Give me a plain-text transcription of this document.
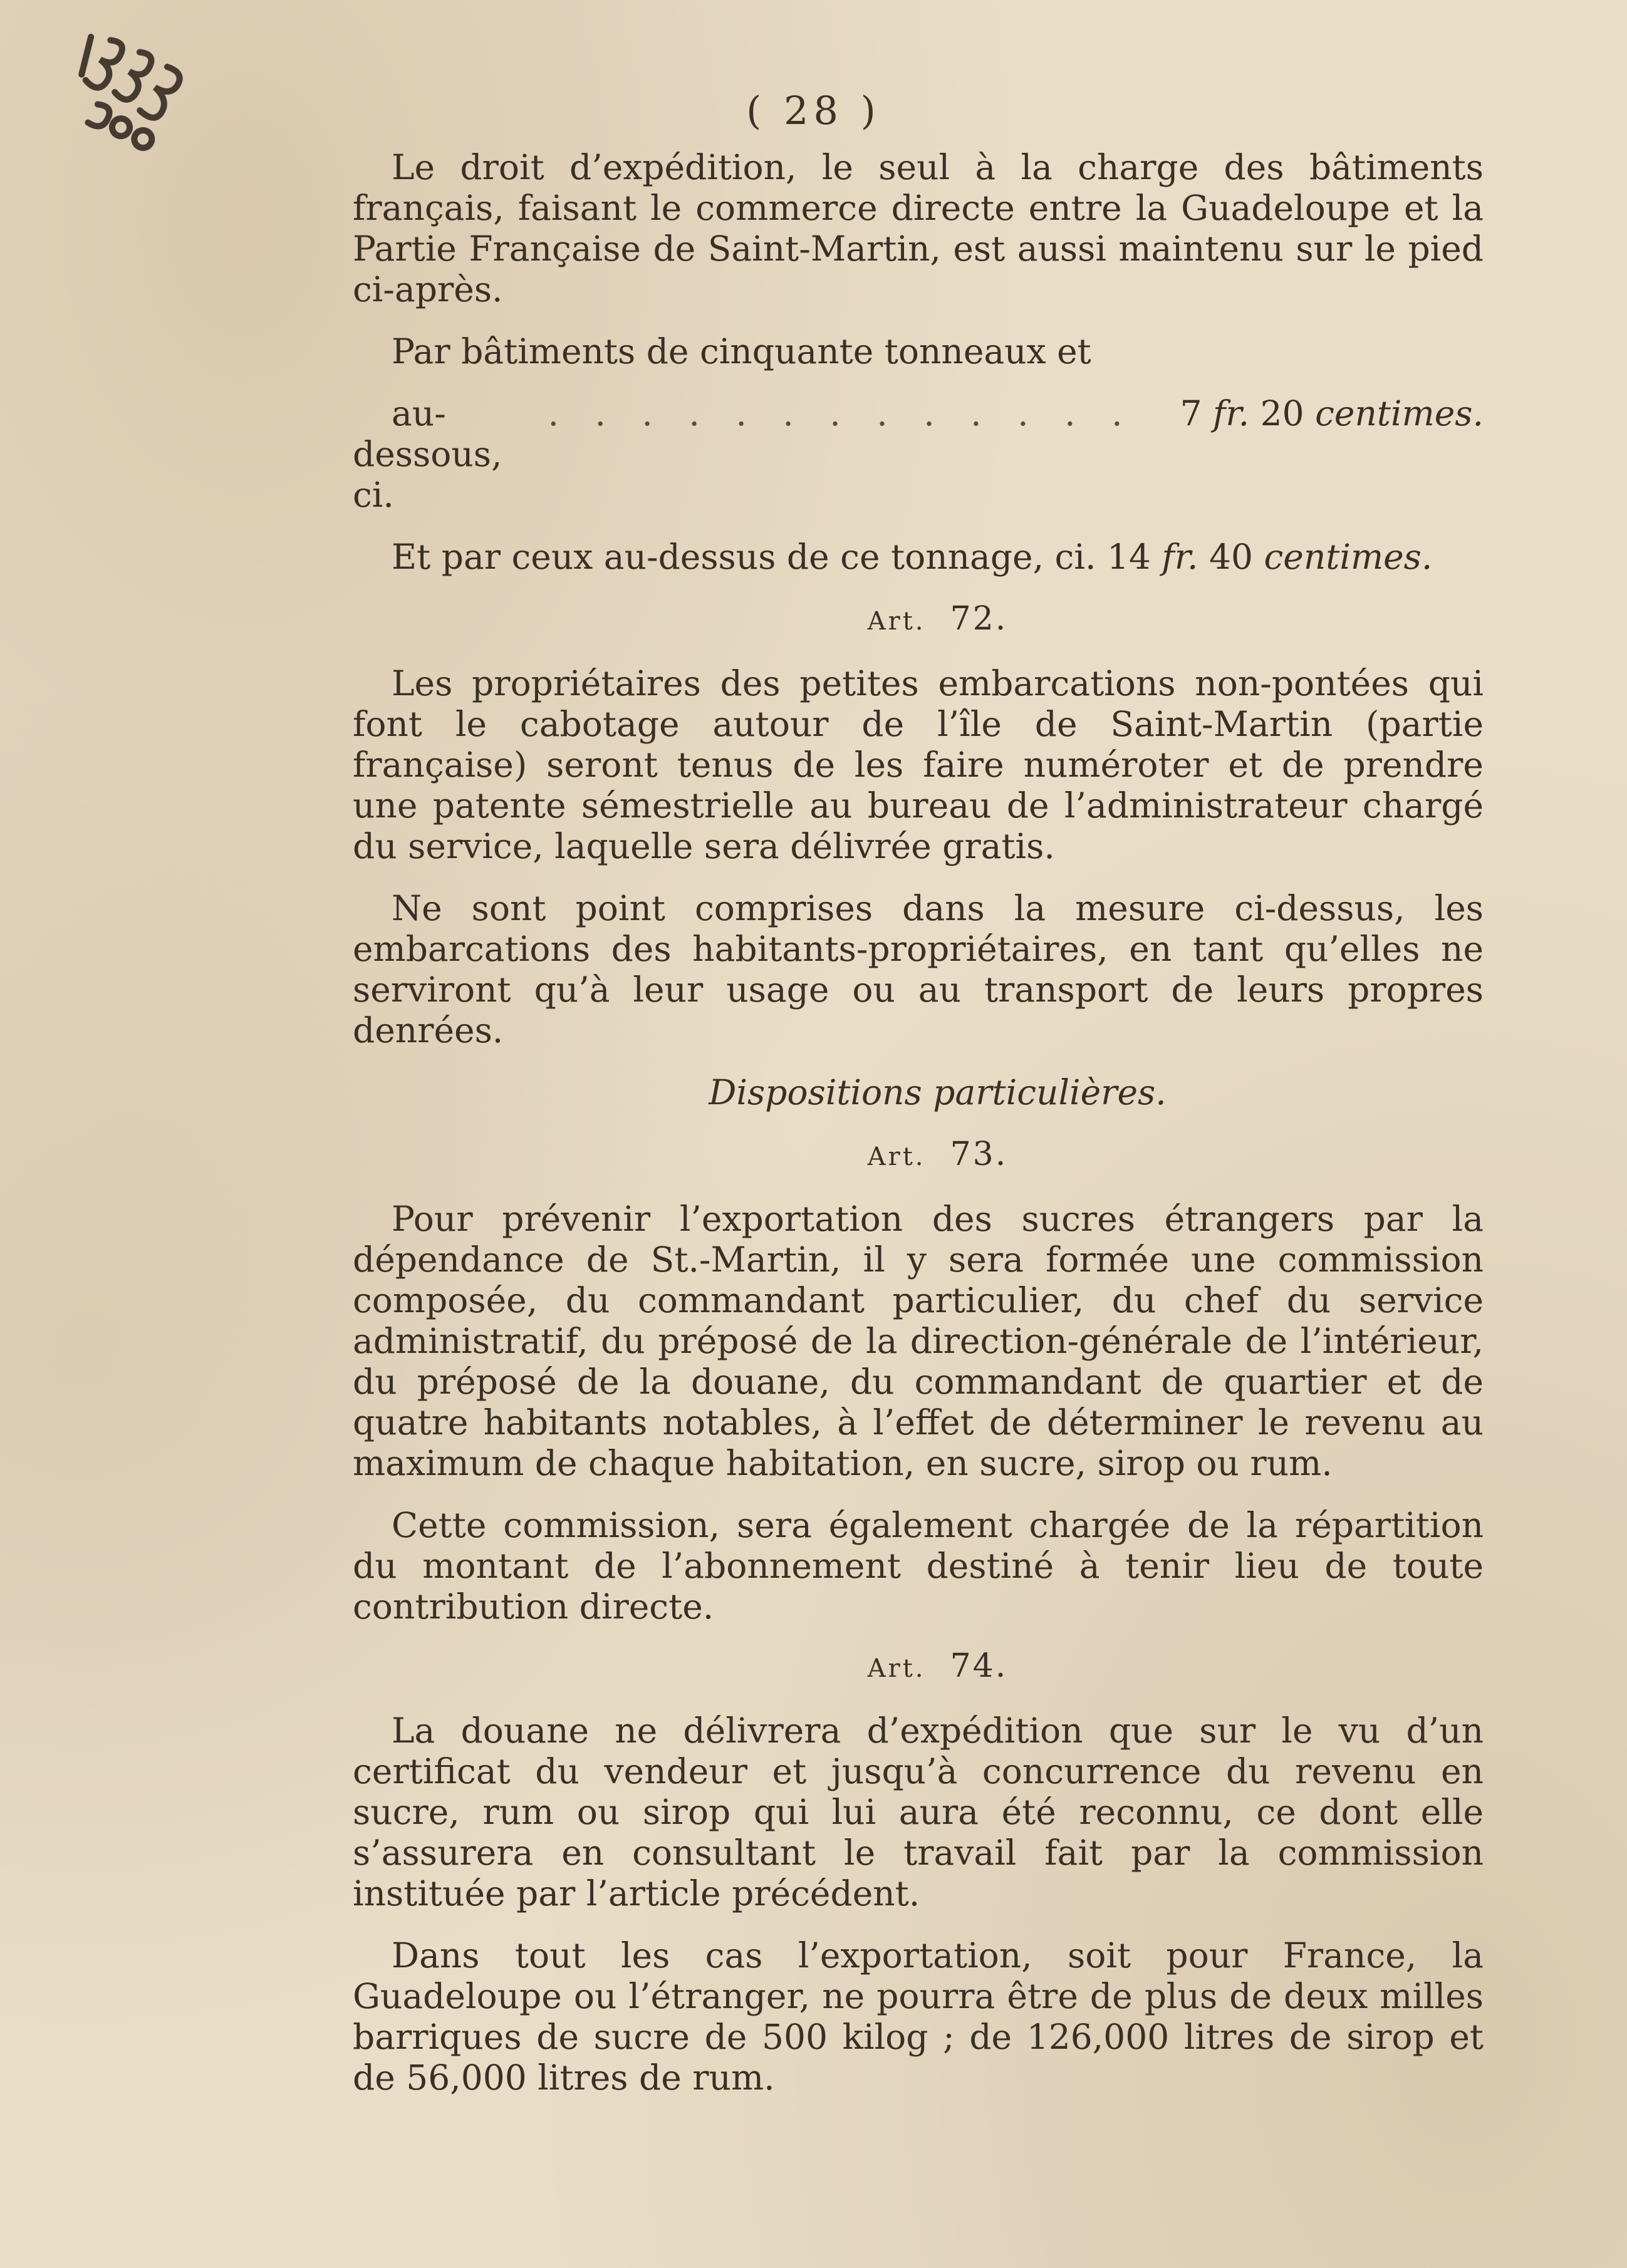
( 28 )

Le droit d’expédition, le seul à la charge des bâtiments français, faisant le commerce directe entre la Guadeloupe et la Partie Française de Saint-Martin, est aussi maintenu sur le pied ci-après.

Par bâtiments de cinquante tonneaux et

au-dessous, ci.
. . . . . . . . . . . . .	7 fr. 20 centimes.

Et par ceux au-dessus de ce tonnage, ci. 14 fr. 40 centimes.

Art. 72.

Les propriétaires des petites embarcations non-pontées qui font le cabotage autour de l’île de Saint-Martin (partie française) seront tenus de les faire numéroter et de prendre une patente sémestrielle au bureau de l’administrateur chargé du service, laquelle sera délivrée gratis.

Ne sont point comprises dans la mesure ci-dessus, les embarcations des habitants-propriétaires, en tant qu’elles ne serviront qu’à leur usage ou au transport de leurs propres denrées.

Dispositions particulières.

Art. 73.

Pour prévenir l’exportation des sucres étrangers par la dépendance de St.-Martin, il y sera formée une commission composée, du commandant particulier, du chef du service administratif, du préposé de la direction-générale de l’intérieur, du préposé de la douane, du commandant de quartier et de quatre habitants notables, à l’effet de déterminer le revenu au maximum de chaque habitation, en sucre, sirop ou rum.

Cette commission, sera également chargée de la répartition du montant de l’abonnement destiné à tenir lieu de toute contribution directe.

Art. 74.

La douane ne délivrera d’expédition que sur le vu d’un certificat du vendeur et jusqu’à concurrence du revenu en sucre, rum ou sirop qui lui aura été reconnu, ce dont elle s’assurera en consultant le travail fait par la commission instituée par l’article précédent.

Dans tout les cas l’exportation, soit pour France, la Guadeloupe ou l’étranger, ne pourra être de plus de deux milles barriques de sucre de 500 kilog ; de 126,000 litres de sirop et de 56,000 litres de rum.
